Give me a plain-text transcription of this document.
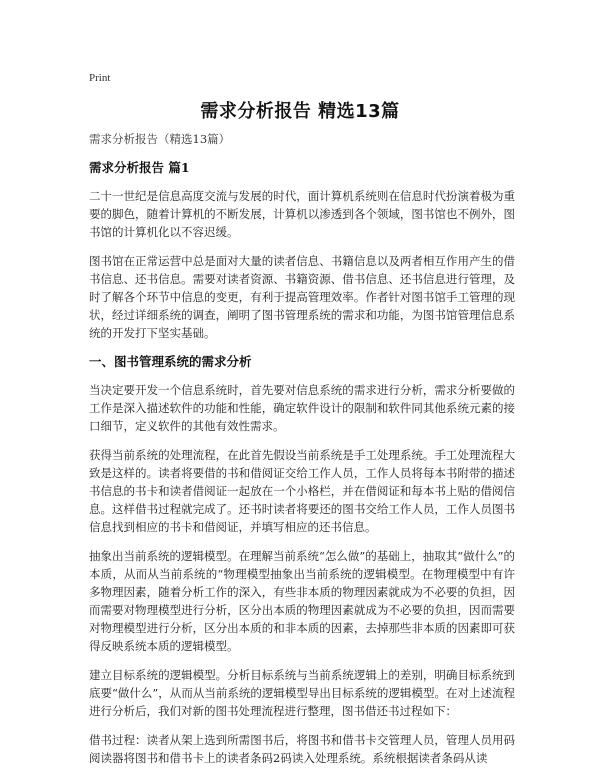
Print
需求分析报告 精选13篇
需求分析报告（精选13篇）
需求分析报告 篇1

二十一世纪是信息高度交流与发展的时代，面计算机系统则在信息时代扮演着极为重要的脚色，随着计算机的不断发展，计算机以渗透到各个领域，图书馆也不例外，图书馆的计算机化以不容迟缓。

图书馆在正常运营中总是面对大量的读者信息、书籍信息以及两者相互作用产生的借书信息、还书信息。需要对读者资源、书籍资源、借书信息、还书信息进行管理，及时了解各个环节中信息的变更，有利于提高管理效率。作者针对图书馆手工管理的现状，经过详细系统的调查，阐明了图书管理系统的需求和功能，为图书馆管理信息系统的开发打下坚实基础。

一、图书管理系统的需求分析

当决定要开发一个信息系统时，首先要对信息系统的需求进行分析，需求分析要做的工作是深入描述软件的功能和性能，确定软件设计的限制和软件同其他系统元素的接口细节，定义软件的其他有效性需求。

获得当前系统的处理流程，在此首先假设当前系统是手工处理系统。手工处理流程大致是这样的。读者将要借的书和借阅证交给工作人员，工作人员将每本书附带的描述书信息的书卡和读者借阅证一起放在一个小格栏，并在借阅证和每本书上贴的借阅信息。这样借书过程就完成了。还书时读者将要还的图书交给工作人员，工作人员图书信息找到相应的书卡和借阅证，并填写相应的还书信息。

抽象出当前系统的逻辑模型。在理解当前系统“怎么做”的基础上，抽取其“做什么”的本质，从而从当前系统的“物理模型抽象出当前系统的逻辑模型。在物理模型中有许多物理因素，随着分析工作的深入，有些非本质的物理因素就成为不必要的负担，因而需要对物理模型进行分析，区分出本质的物理因素就成为不必要的负担，因而需要对物理模型进行分析，区分出本质的和非本质的因素，去掉那些非本质的因素即可获得反映系统本质的逻辑模型。

建立目标系统的逻辑模型。分析目标系统与当前系统逻辑上的差别，明确目标系统到底要“做什么”，从而从当前系统的逻辑模型导出目标系统的逻辑模型。在对上述流程进行分析后，我们对新的图书处理流程进行整理，图书借还书过程如下：

借书过程：读者从架上选到所需图书后，将图书和借书卡交管理人员，管理人员用码阅读器将图书和借书卡上的读者条码2码读入处理系统。系统根据读者条码从读
